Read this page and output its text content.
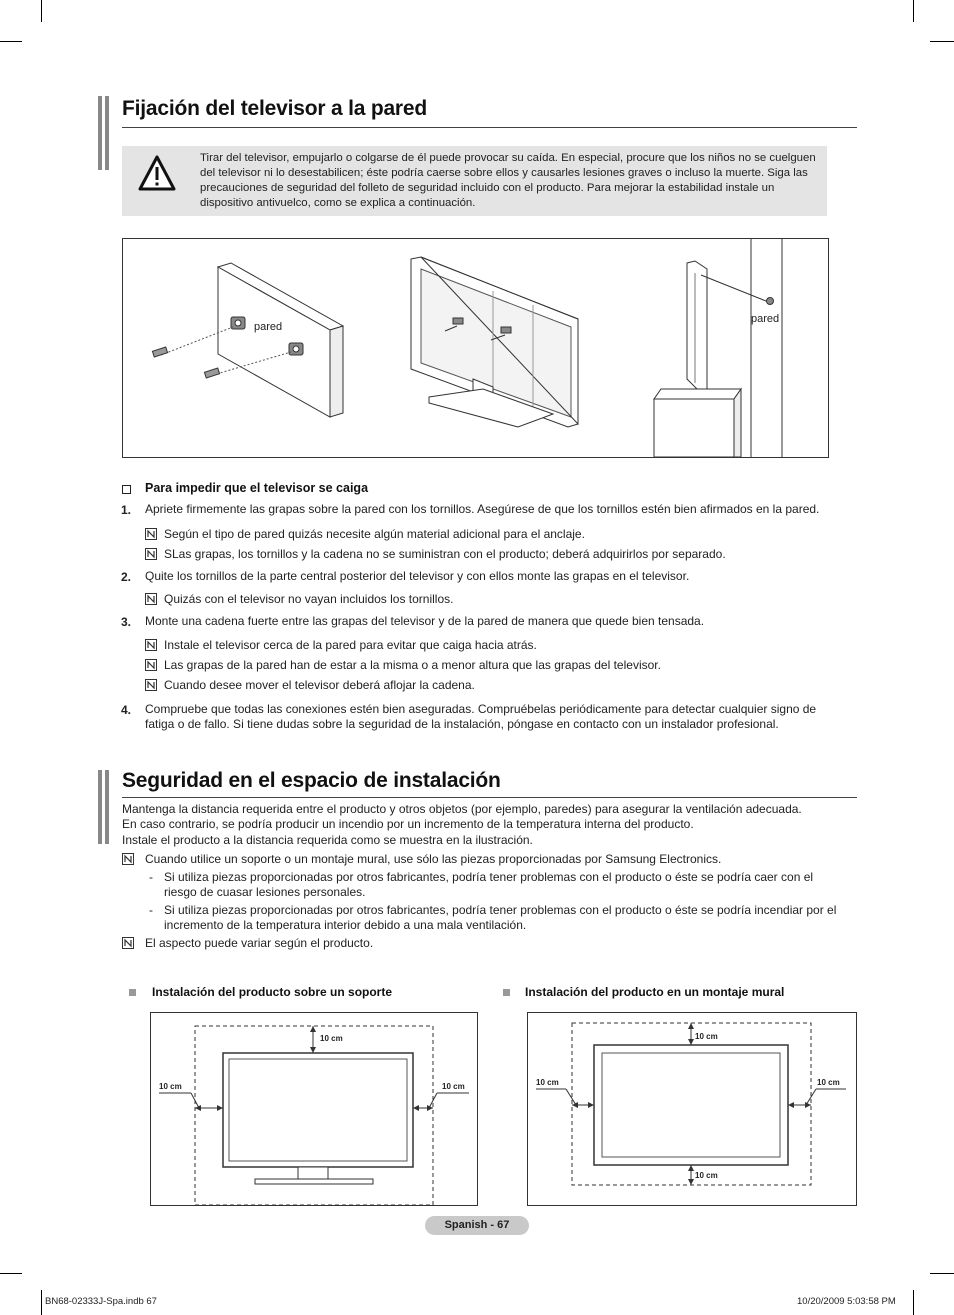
Fijación del televisor a la pared
Tirar del televisor, empujarlo o colgarse de él puede provocar su caída. En especial, procure que los niños no se cuelguen del televisor ni lo desestabilicen; éste podría caerse sobre ellos y causarles lesiones graves o incluso la muerte. Siga las precauciones de seguridad del folleto de seguridad incluido con el producto. Para mejorar la estabilidad instale un dispositivo antivuelco, como se explica a continuación.
pared
pared
Para impedir que el televisor se caiga
1. Apriete firmemente las grapas sobre la pared con los tornillos. Asegúrese de que los tornillos estén bien afirmados en la pared.
Según el tipo de pared quizás necesite algún material adicional para el anclaje.
SLas grapas, los tornillos y la cadena no se suministran con el producto; deberá adquirirlos por separado.
2. Quite los tornillos de la parte central posterior del televisor y con ellos monte las grapas en el televisor.
Quizás con el televisor no vayan incluidos los tornillos.
3. Monte una cadena fuerte entre las grapas del televisor y de la pared de manera que quede bien tensada.
Instale el televisor cerca de la pared para evitar que caiga hacia atrás.
Las grapas de la pared han de estar a la misma o a menor altura que las grapas del televisor.
Cuando desee mover el televisor deberá aflojar la cadena.
4. Compruebe que todas las conexiones estén bien aseguradas. Compruébelas periódicamente para detectar cualquier signo de
fatiga o de fallo. Si tiene dudas sobre la seguridad de la instalación, póngase en contacto con un instalador profesional.
Seguridad en el espacio de instalación
Mantenga la distancia requerida entre el producto y otros objetos (por ejemplo, paredes) para asegurar la ventilación adecuada.
En caso contrario, se podría producir un incendio por un incremento de la temperatura interna del producto.
Instale el producto a la distancia requerida como se muestra en la ilustración.
Cuando utilice un soporte o un montaje mural, use sólo las piezas proporcionadas por Samsung Electronics.
- Si utiliza piezas proporcionadas por otros fabricantes, podría tener problemas con el producto o éste se podría caer con el
riesgo de cuasar lesiones personales.
- Si utiliza piezas proporcionadas por otros fabricantes, podría tener problemas con el producto o éste se podría incendiar por el
incremento de la temperatura interior debido a una mala ventilación.
El aspecto puede variar según el producto.
Instalación del producto sobre un soporte	Instalación del producto en un montaje mural
10 cm
10 cm	10 cm
10 cm
10 cm
10 cm	10 cm
Spanish - 67
BN68-02333J-Spa.indb 67	10/20/2009 5:03:58 PM
